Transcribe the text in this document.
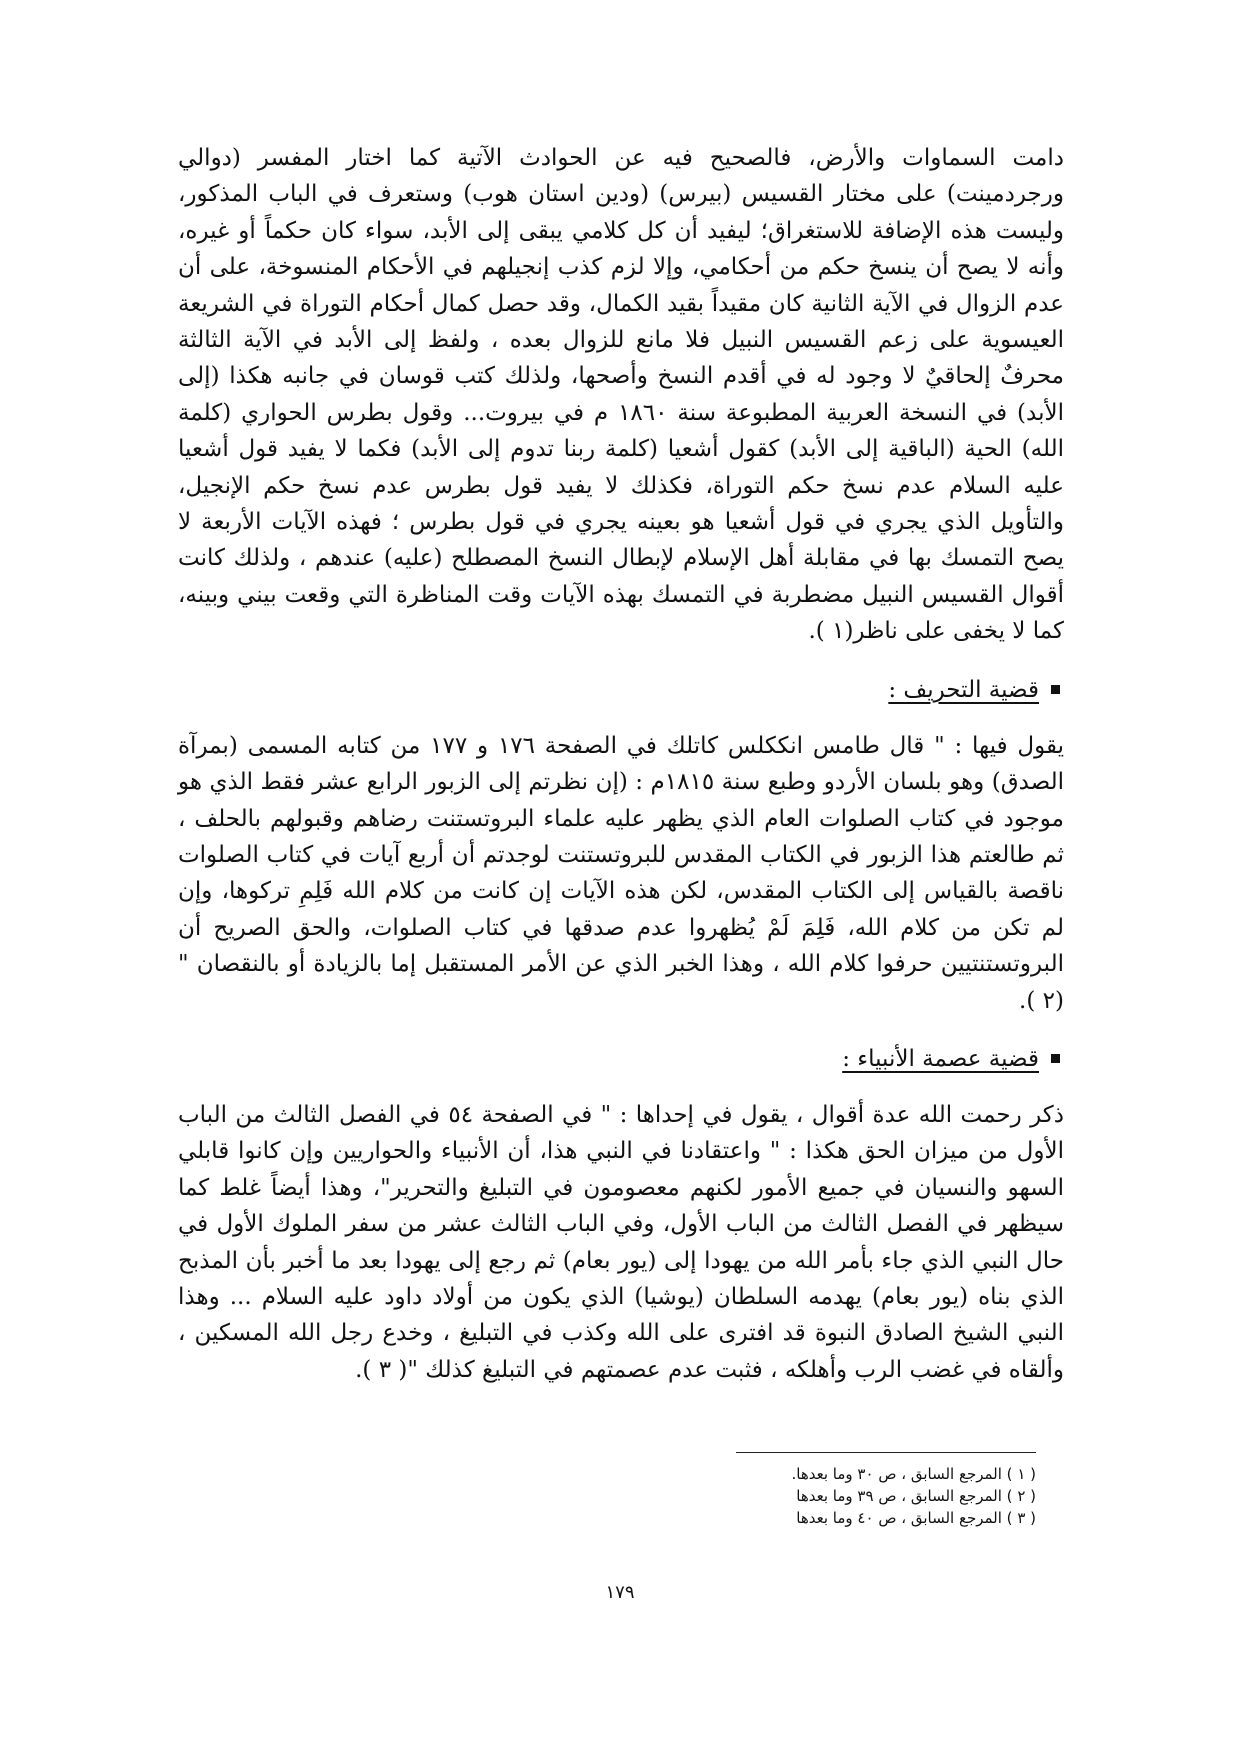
دامت السماوات والأرض، فالصحيح فيه عن الحوادث الآتية كما اختار المفسر (دوالي ورجردمينت) على مختار القسيس (بيرس) (ودين استان هوب) وستعرف في الباب المذكور، وليست هذه الإضافة للاستغراق؛ ليفيد أن كل كلامي يبقى إلى الأبد، سواء كان حكماً أو غيره، وأنه لا يصح أن ينسخ حكم من أحكامي، وإلا لزم كذب إنجيلهم في الأحكام المنسوخة، على أن عدم الزوال في الآية الثانية كان مقيداً بقيد الكمال، وقد حصل كمال أحكام التوراة في الشريعة العيسوية على زعم القسيس النبيل فلا مانع للزوال بعده ، ولفظ إلى الأبد في الآية الثالثة محرفٌ إلحاقيٌ لا وجود له في أقدم النسخ وأصحها، ولذلك كتب قوسان في جانبه هكذا (إلى الأبد) في النسخة العربية المطبوعة سنة ١٨٦٠ م في بيروت... وقول بطرس الحواري (كلمة الله) الحية (الباقية إلى الأبد) كقول أشعيا (كلمة ربنا تدوم إلى الأبد) فكما لا يفيد قول أشعيا عليه السلام عدم نسخ حكم التوراة، فكذلك لا يفيد قول بطرس عدم نسخ حكم الإنجيل، والتأويل الذي يجري في قول أشعيا هو بعينه يجري في قول بطرس ؛ فهذه الآيات الأربعة لا يصح التمسك بها في مقابلة أهل الإسلام لإبطال النسخ المصطلح (عليه) عندهم ، ولذلك كانت أقوال القسيس النبيل مضطربة في التمسك بهذه الآيات وقت المناظرة التي وقعت بيني وبينه، كما لا يخفى على ناظر(١ ).

قضية التحريف :

يقول فيها : " قال طامس انككلس كاتلك في الصفحة ١٧٦ و ١٧٧ من كتابه المسمى (بمرآة الصدق) وهو بلسان الأردو وطبع سنة ١٨١٥م : (إن نظرتم إلى الزبور الرابع عشر فقط الذي هو موجود في كتاب الصلوات العام الذي يظهر عليه علماء البروتستنت رضاهم وقبولهم بالحلف ، ثم طالعتم هذا الزبور في الكتاب المقدس للبروتستنت لوجدتم أن أربع آيات في كتاب الصلوات ناقصة بالقياس إلى الكتاب المقدس، لكن هذه الآيات إن كانت من كلام الله فَلِمِ تركوها، وإن لم تكن من كلام الله، فَلِمَ لَمْ يُظهروا عدم صدقها في كتاب الصلوات، والحق الصريح أن البروتستنتيين حرفوا كلام الله ، وهذا الخبر الذي عن الأمر المستقبل إما بالزيادة أو بالنقصان " (٢ ).

قضية عصمة الأنبياء :

ذكر رحمت الله عدة أقوال ، يقول في إحداها : " في الصفحة ٥٤ في الفصل الثالث من الباب الأول من ميزان الحق هكذا : " واعتقادنا في النبي هذا، أن الأنبياء والحواريين وإن كانوا قابلي السهو والنسيان في جميع الأمور لكنهم معصومون في التبليغ والتحرير"، وهذا أيضاً غلط كما سيظهر في الفصل الثالث من الباب الأول، وفي الباب الثالث عشر من سفر الملوك الأول في حال النبي الذي جاء بأمر الله من يهودا إلى (يور بعام) ثم رجع إلى يهودا بعد ما أخبر بأن المذبح الذي بناه (يور بعام) يهدمه السلطان (يوشيا) الذي يكون من أولاد داود عليه السلام ... وهذا النبي الشيخ الصادق النبوة قد افترى على الله وكذب في التبليغ ، وخدع رجل الله المسكين ، وألقاه في غضب الرب وأهلكه ، فثبت عدم عصمتهم في التبليغ كذلك "( ٣ ).

( ١ ) المرجع السابق ، ص ٣٠ وما بعدها.
( ٢ ) المرجع السابق ، ص ٣٩ وما بعدها
( ٣ ) المرجع السابق ، ص ٤٠ وما بعدها
١٧٩
